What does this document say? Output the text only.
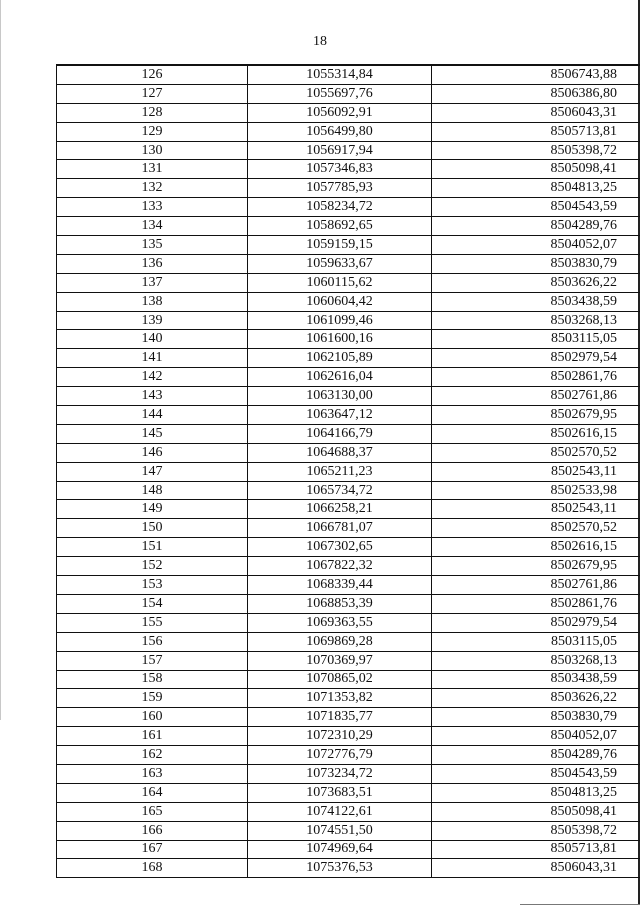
18
126	1055314,84	8506743,88
127	1055697,76	8506386,80
128	1056092,91	8506043,31
129	1056499,80	8505713,81
130	1056917,94	8505398,72
131	1057346,83	8505098,41
132	1057785,93	8504813,25
133	1058234,72	8504543,59
134	1058692,65	8504289,76
135	1059159,15	8504052,07
136	1059633,67	8503830,79
137	1060115,62	8503626,22
138	1060604,42	8503438,59
139	1061099,46	8503268,13
140	1061600,16	8503115,05
141	1062105,89	8502979,54
142	1062616,04	8502861,76
143	1063130,00	8502761,86
144	1063647,12	8502679,95
145	1064166,79	8502616,15
146	1064688,37	8502570,52
147	1065211,23	8502543,11
148	1065734,72	8502533,98
149	1066258,21	8502543,11
150	1066781,07	8502570,52
151	1067302,65	8502616,15
152	1067822,32	8502679,95
153	1068339,44	8502761,86
154	1068853,39	8502861,76
155	1069363,55	8502979,54
156	1069869,28	8503115,05
157	1070369,97	8503268,13
158	1070865,02	8503438,59
159	1071353,82	8503626,22
160	1071835,77	8503830,79
161	1072310,29	8504052,07
162	1072776,79	8504289,76
163	1073234,72	8504543,59
164	1073683,51	8504813,25
165	1074122,61	8505098,41
166	1074551,50	8505398,72
167	1074969,64	8505713,81
168	1075376,53	8506043,31
